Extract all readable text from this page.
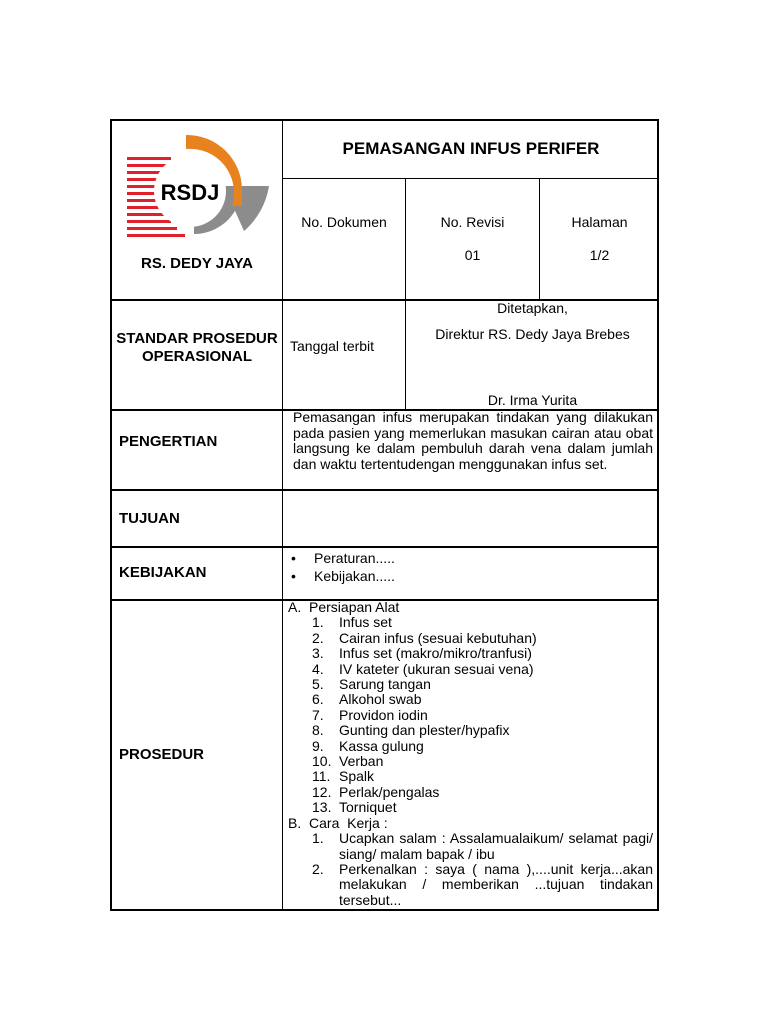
RSDJ
RS. DEDY JAYA
PEMASANGAN INFUS PERIFER
No. Dokumen	No. Revisi
01
Halaman
1/2
STANDAR PROSEDUR OPERASIONAL
Tanggal terbit
Ditetapkan,
Direktur RS. Dedy Jaya Brebes
Dr. Irma Yurita
PENGERTIAN
Pemasangan infus merupakan tindakan yang dilakukan pada pasien yang memerlukan masukan cairan atau obat langsung ke dalam pembuluh darah vena dalam jumlah dan waktu tertentudengan menggunakan infus set.
TUJUAN
KEBIJAKAN
• Peraturan.....
• Kebijakan.....
PROSEDUR
A.  Persiapan Alat
1. Infus set
2. Cairan infus (sesuai kebutuhan)
3. Infus set (makro/mikro/tranfusi)
4. IV kateter (ukuran sesuai vena)
5. Sarung tangan
6. Alkohol swab
7. Providon iodin
8. Gunting dan plester/hypafix
9. Kassa gulung
10. Verban
11. Spalk
12. Perlak/pengalas
13. Torniquet
B.  Cara  Kerja :
1. Ucapkan salam : Assalamualaikum/ selamat pagi/ siang/ malam bapak / ibu
2. Perkenalkan : saya ( nama ),....unit kerja...akan melakukan / memberikan ...tujuan tindakan tersebut...
